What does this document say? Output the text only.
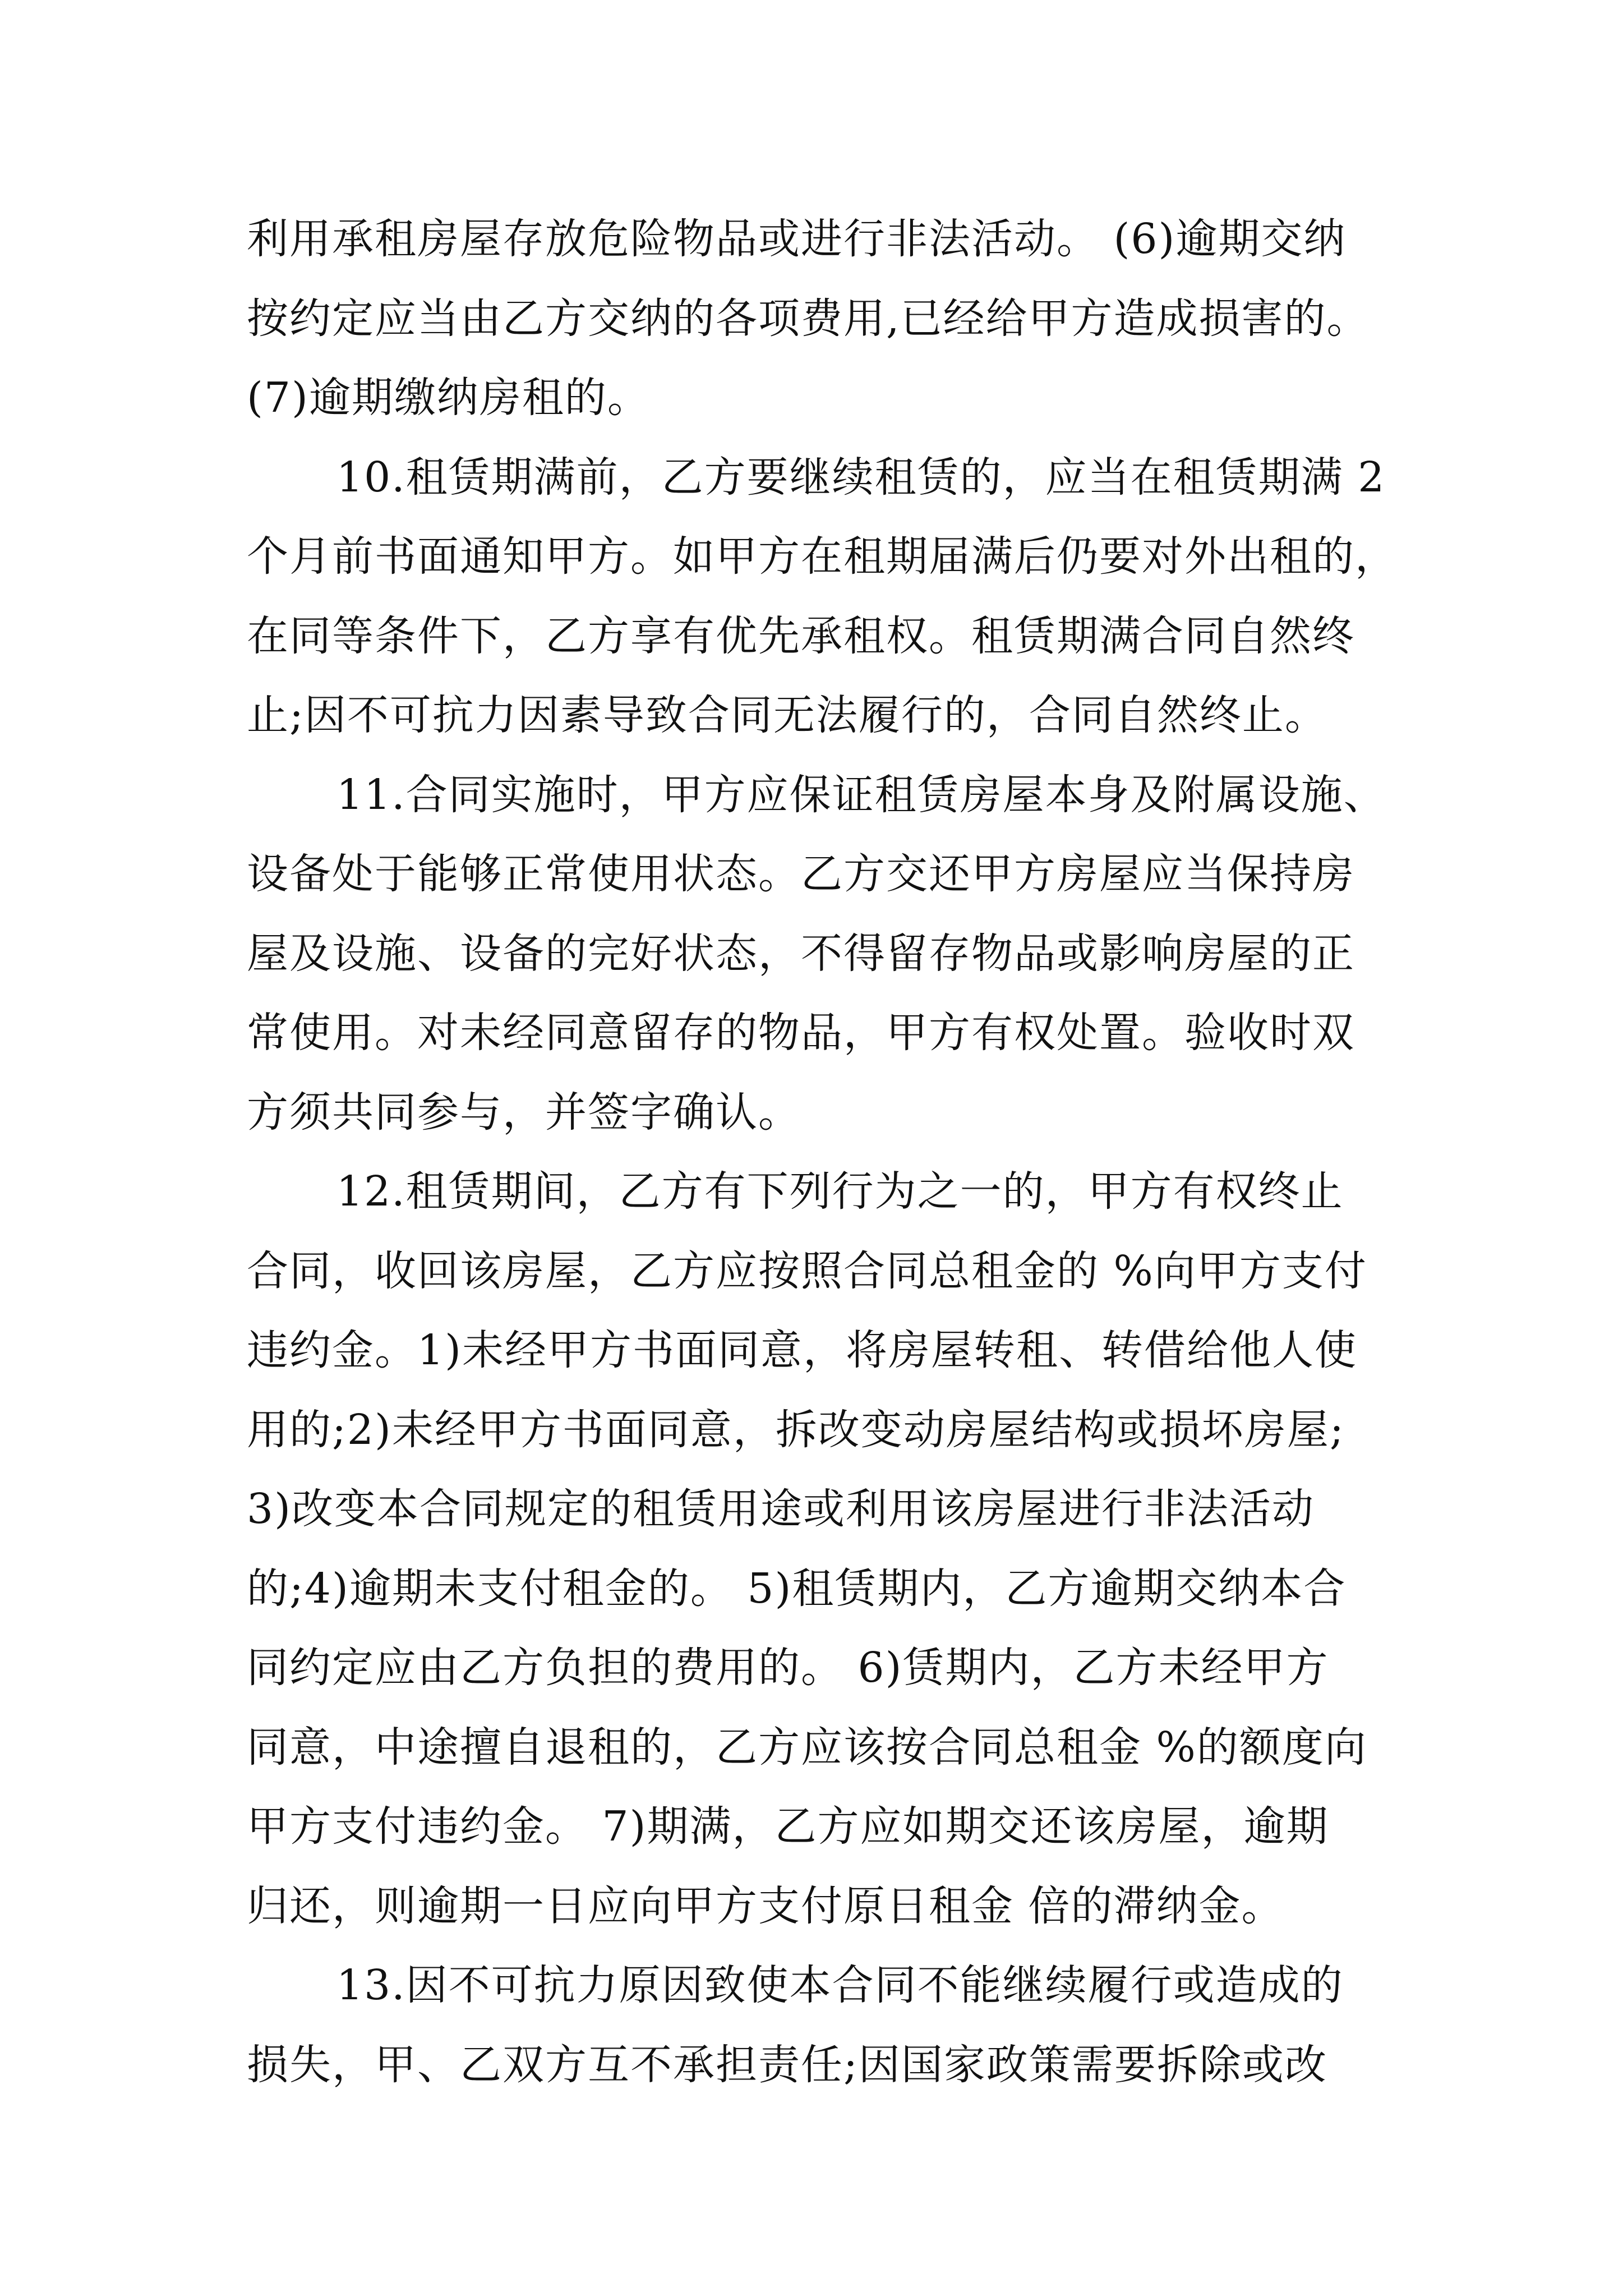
利用承租房屋存放危险物品或进行非法活动。 (6)逾期交纳
按约定应当由乙方交纳的各项费用,已经给甲方造成损害的。
(7)逾期缴纳房租的。
10.租赁期满前，乙方要继续租赁的，应当在租赁期满 2
个月前书面通知甲方。如甲方在租期届满后仍要对外出租的，
在同等条件下，乙方享有优先承租权。租赁期满合同自然终
止;因不可抗力因素导致合同无法履行的，合同自然终止。
11.合同实施时，甲方应保证租赁房屋本身及附属设施、
设备处于能够正常使用状态。乙方交还甲方房屋应当保持房
屋及设施、设备的完好状态，不得留存物品或影响房屋的正
常使用。对未经同意留存的物品，甲方有权处置。验收时双
方须共同参与，并签字确认。
12.租赁期间，乙方有下列行为之一的，甲方有权终止
合同，收回该房屋，乙方应按照合同总租金的 %向甲方支付
违约金。1)未经甲方书面同意，将房屋转租、转借给他人使
用的;2)未经甲方书面同意，拆改变动房屋结构或损坏房屋;
3)改变本合同规定的租赁用途或利用该房屋进行非法活动
的;4)逾期未支付租金的。 5)租赁期内，乙方逾期交纳本合
同约定应由乙方负担的费用的。 6)赁期内，乙方未经甲方
同意，中途擅自退租的，乙方应该按合同总租金 %的额度向
甲方支付违约金。 7)期满，乙方应如期交还该房屋，逾期
归还，则逾期一日应向甲方支付原日租金 倍的滞纳金。
13.因不可抗力原因致使本合同不能继续履行或造成的
损失，甲、乙双方互不承担责任;因国家政策需要拆除或改
